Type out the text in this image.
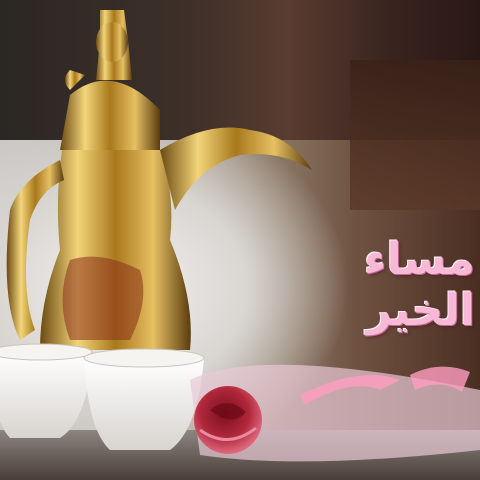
مساء الخير
